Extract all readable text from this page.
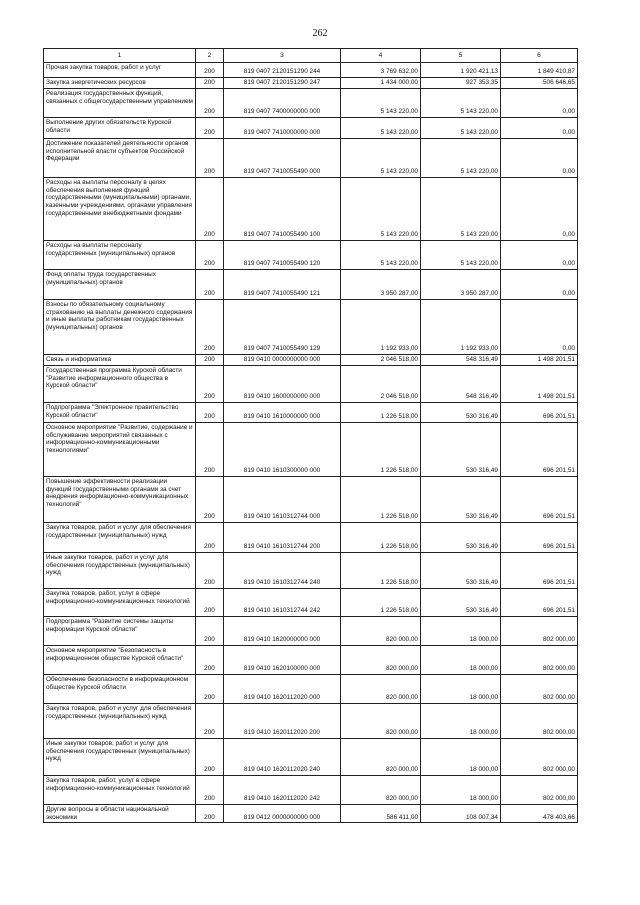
262
1	2	3	4	5	6
Прочая закупка товаров, работ и услуг	200	819 0407 2120151290 244	3 769 632,00	1 920 421,13	1 849 410,87
Закупка энергетических ресурсов	200	819 0407 2120151290 247	1 434 000,00	927 353,35	506 646,65
Реализация государственных функций, связанных с общегосударственным управлением	200	819 0407 7400000000 000	5 143 220,00	5 143 220,00	0,00
Выполнение других обязательств Курской области	200	819 0407 7410000000 000	5 143 220,00	5 143 220,00	0,00
Достижение показателей деятельности органов исполнительной власти субъектов Российской Федерации	200	819 0407 7410055490 000	5 143 220,00	5 143 220,00	0,00
Расходы на выплаты персоналу в целях обеспечения выполнения функций государственными (муниципальными) органами, казенными учреждениями, органами управления государственными внебюджетными фондами	200	819 0407 7410055490 100	5 143 220,00	5 143 220,00	0,00
Расходы на выплаты персоналу государственных (муниципальных) органов	200	819 0407 7410055490 120	5 143 220,00	5 143 220,00	0,00
Фонд оплаты труда государственных (муниципальных) органов	200	819 0407 7410055490 121	3 950 287,00	3 950 287,00	0,00
Взносы по обязательному социальному страхованию на выплаты денежного содержания и иные выплаты работникам государственных (муниципальных) органов	200	819 0407 7410055490 129	1 192 933,00	1 192 933,00	0,00
Связь и информатика	200	819 0410 0000000000 000	2 046 518,00	548 316,49	1 498 201,51
Государственная программа Курской области "Развитие информационного общества в Курской области"	200	819 0410 1600000000 000	2 046 518,00	548 316,49	1 498 201,51
Подпрограмма "Электронное правительство Курской области"	200	819 0410 1610000000 000	1 226 518,00	530 316,49	696 201,51
Основное мероприятие "Развитие, содержание и обслуживание мероприятий связанных с информационно-коммуникационными технологиями"	200	819 0410 1610300000 000	1 226 518,00	530 316,49	696 201,51
Повышение эффективности реализации функций государственными органами за счет внедрения информационно-коммуникационных технологий"	200	819 0410 1610312744 000	1 226 518,00	530 316,49	696 201,51
Закупка товаров, работ и услуг для обеспечения государственных (муниципальных) нужд	200	819 0410 1610312744 200	1 226 518,00	530 316,49	696 201,51
Иные закупки товаров, работ и услуг для обеспечения государственных (муниципальных) нужд	200	819 0410 1610312744 240	1 226 518,00	530 316,49	696 201,51
Закупка товаров, работ, услуг в сфере информационно-коммуникационных технологий	200	819 0410 1610312744 242	1 226 518,00	530 316,49	696 201,51
Подпрограмма "Развитие системы защиты информации Курской области"	200	819 0410 1620000000 000	820 000,00	18 000,00	802 000,00
Основное мероприятие "Безопасность в информационном обществе Курской области"	200	819 0410 1620100000 000	820 000,00	18 000,00	802 000,00
Обеспечение безопасности в информационном обществе Курской области	200	819 0410 1620112020 000	820 000,00	18 000,00	802 000,00
Закупка товаров, работ и услуг для обеспечения государственных (муниципальных) нужд	200	819 0410 1620112020 200	820 000,00	18 000,00	802 000,00
Иные закупки товаров, работ и услуг для обеспечения государственных (муниципальных) нужд	200	819 0410 1620112020 240	820 000,00	18 000,00	802 000,00
Закупка товаров, работ, услуг в сфере информационно-коммуникационных технологий	200	819 0410 1620112020 242	820 000,00	18 000,00	802 000,00
Другие вопросы в области национальной экономики	200	819 0412 0000000000 000	586 411,00	108 007,34	478 403,66
